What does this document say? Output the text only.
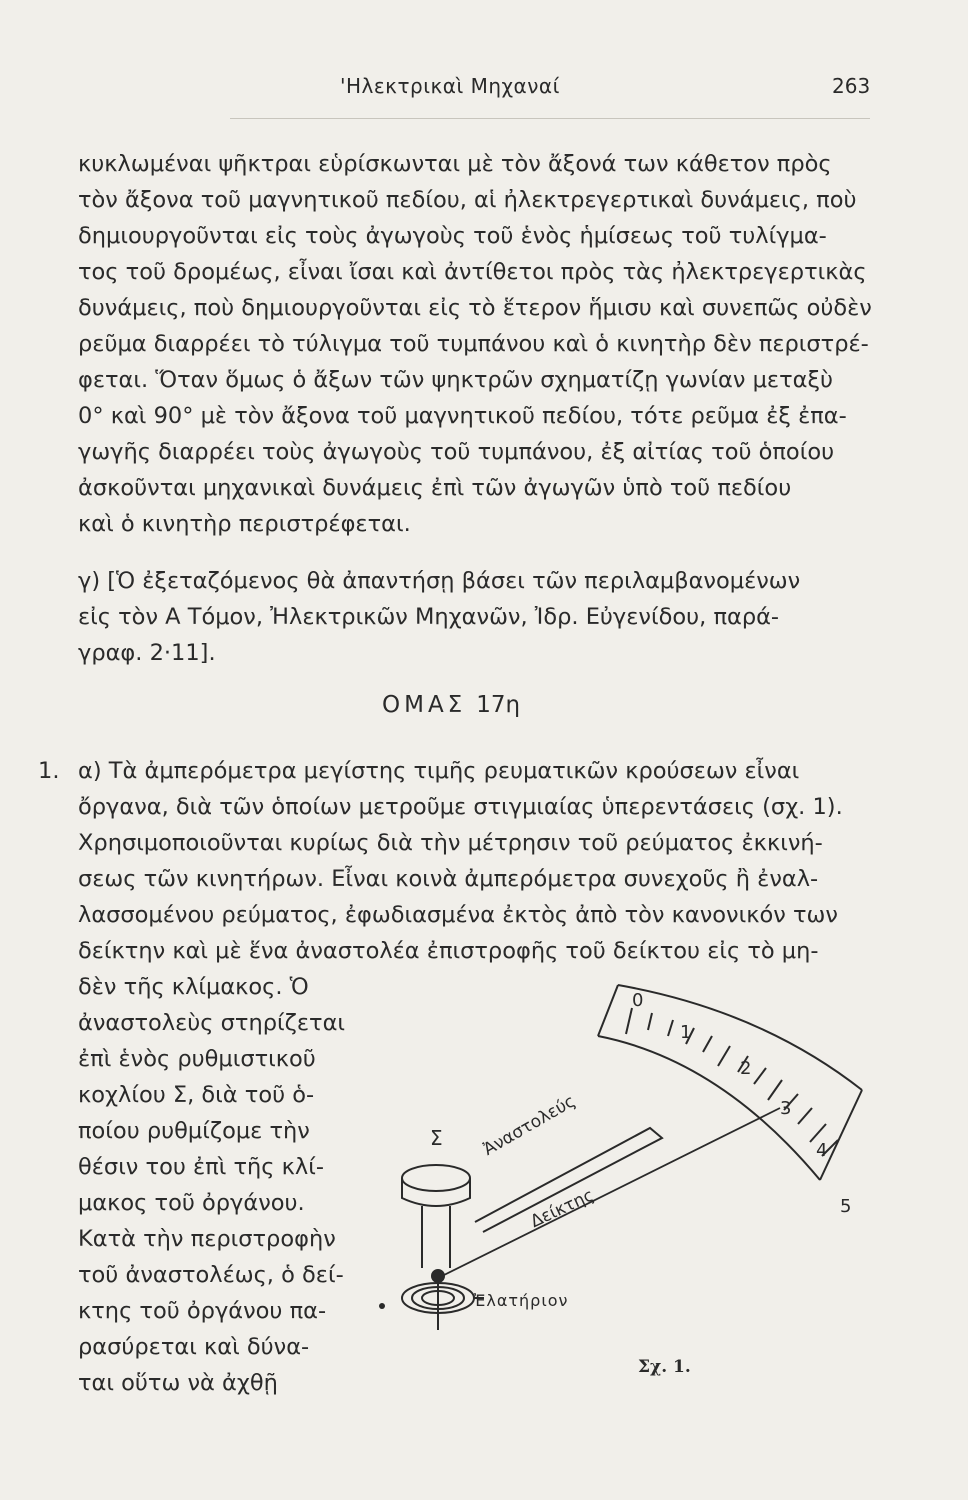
'Ηλεκτρικαὶ Μηχαναί	263
κυκλωμέναι ψῆκτραι εὑρίσκωνται μὲ τὸν ἄξονά των κάθετον πρὸς
τὸν ἄξονα τοῦ μαγνητικοῦ πεδίου, αἱ ἠλεκτρεγερτικαὶ δυνάμεις, ποὺ
δημιουργοῦνται εἰς τοὺς ἀγωγοὺς τοῦ ἑνὸς ἡμίσεως τοῦ τυλίγμα-
τος τοῦ δρομέως, εἶναι ἴσαι καὶ ἀντίθετοι πρὸς τὰς ἠλεκτρεγερτικὰς
δυνάμεις, ποὺ δημιουργοῦνται εἰς τὸ ἕτερον ἥμισυ καὶ συνεπῶς οὐδὲν
ρεῦμα διαρρέει τὸ τύλιγμα τοῦ τυμπάνου καὶ ὁ κινητὴρ δὲν περιστρέ-
φεται. Ὅταν ὅμως ὁ ἄξων τῶν ψηκτρῶν σχηματίζῃ γωνίαν μεταξὺ
0° καὶ 90° μὲ τὸν ἄξονα τοῦ μαγνητικοῦ πεδίου, τότε ρεῦμα ἐξ ἐπα-
γωγῆς διαρρέει τοὺς ἀγωγοὺς τοῦ τυμπάνου, ἐξ αἰτίας τοῦ ὁποίου
ἀσκοῦνται μηχανικαὶ δυνάμεις ἐπὶ τῶν ἀγωγῶν ὑπὸ τοῦ πεδίου
καὶ ὁ κινητὴρ περιστρέφεται.
γ) [Ὁ ἐξεταζόμενος θὰ ἀπαντήσῃ βάσει τῶν περιλαμβανομένων
εἰς τὸν Α Τόμον, Ἠλεκτρικῶν Μηχανῶν, Ἰδρ. Εὐγενίδου, παρά-
γραφ. 2·11].
ΟΜΑΣ 17η
1. α) Τὰ ἀμπερόμετρα μεγίστης τιμῆς ρευματικῶν κρούσεων εἶναι
ὄργανα, διὰ τῶν ὁποίων μετροῦμε στιγμιαίας ὑπερεντάσεις (σχ. 1).
Χρησιμοποιοῦνται κυρίως διὰ τὴν μέτρησιν τοῦ ρεύματος ἐκκινή-
σεως τῶν κινητήρων. Εἶναι κοινὰ ἀμπερόμετρα συνεχοῦς ἢ ἐναλ-
λασσομένου ρεύματος, ἐφωδιασμένα ἐκτὸς ἀπὸ τὸν κανονικόν των
δείκτην καὶ μὲ ἕνα ἀναστολέα ἐπιστροφῆς τοῦ δείκτου εἰς τὸ μη-
δὲν τῆς κλίμακος. Ὁ
ἀναστολεὺς στηρίζεται
ἐπὶ ἑνὸς ρυθμιστικοῦ
κοχλίου Σ, διὰ τοῦ ὁ-
ποίου ρυθμίζομε τὴν
θέσιν του ἐπὶ τῆς κλί-
μακος τοῦ ὀργάνου.
Κατὰ τὴν περιστροφὴν
τοῦ ἀναστολέως, ὁ δεί-
κτης τοῦ ὀργάνου πα-
ρασύρεται καὶ δύνα-
ται οὕτω νὰ ἀχθῇ
Σ Ἀναστολεύς
Δείκτης
Ἐλατήριον
0
1
2
3
4
5
Σχ. 1.
